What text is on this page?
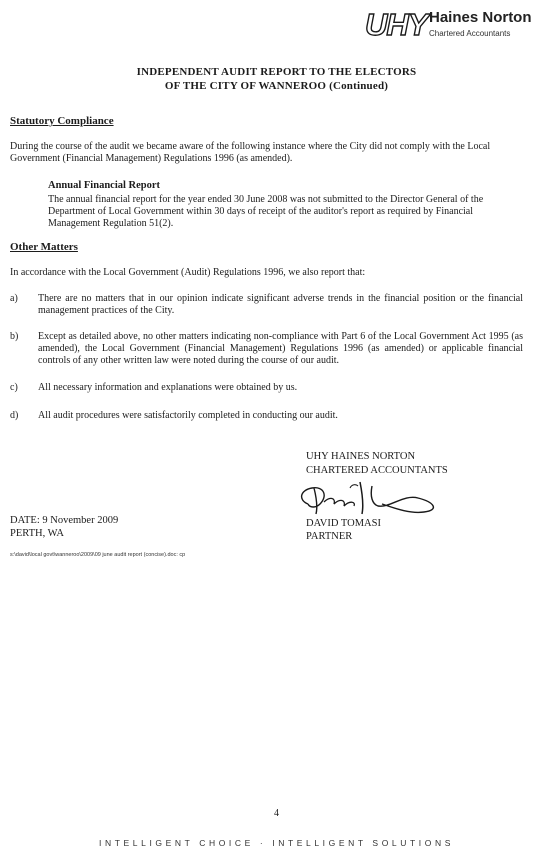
UHY Haines Norton
Chartered Accountants
INDEPENDENT AUDIT REPORT TO THE ELECTORS
OF THE CITY OF WANNEROO (Continued)
Statutory Compliance

During the course of the audit we became aware of the following instance where the City did not comply with the Local Government (Financial Management) Regulations 1996 (as amended).

Annual Financial Report

The annual financial report for the year ended 30 June 2008 was not submitted to the Director General of the Department of Local Government within 30 days of receipt of the auditor's report as required by Financial Management Regulation 51(2).

Other Matters

In accordance with the Local Government (Audit) Regulations 1996, we also report that:

a) There are no matters that in our opinion indicate significant adverse trends in the financial position or the financial management practices of the City.

b) Except as detailed above, no other matters indicating non-compliance with Part 6 of the Local Government Act 1995 (as amended), the Local Government (Financial Management) Regulations 1996 (as amended) or applicable financial controls of any other written law were noted during the course of our audit.

c) All necessary information and explanations were obtained by us.

d) All audit procedures were satisfactorily completed in conducting our audit.

UHY HAINES NORTON
CHARTERED ACCOUNTANTS
DAVID TOMASI
PARTNER
DATE: 9 November 2009
PERTH, WA
s:\david\local govt\wanneroo\2009\09 june audit report (concise).doc: cp
4
INTELLIGENT CHOICE · INTELLIGENT SOLUTIONS
